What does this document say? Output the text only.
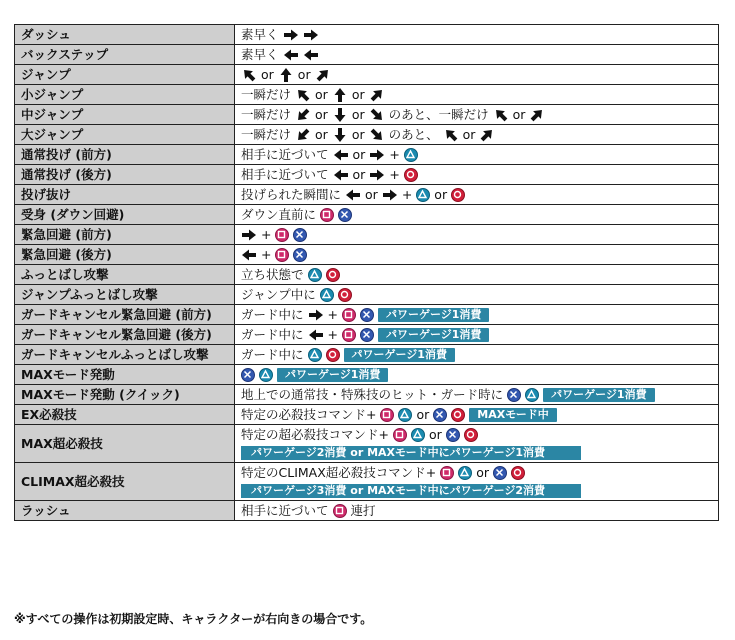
ダッシュ	素早く

バックステップ	素早く

ジャンプ	or or

小ジャンプ	一瞬だけ or or

中ジャンプ	一瞬だけ or or のあと、一瞬だけ or

大ジャンプ	一瞬だけ or or のあと、 or

通常投げ (前方)	相手に近づいて or +

通常投げ (後方)	相手に近づいて or +

投げ抜け	投げられた瞬間に or + or

受身 (ダウン回避)	ダウン直前に

緊急回避 (前方)	+

緊急回避 (後方)	+

ふっとばし攻撃	立ち状態で

ジャンプふっとばし攻撃	ジャンプ中に

ガードキャンセル緊急回避 (前方)	ガード中に + パワーゲージ1消費

ガードキャンセル緊急回避 (後方)	ガード中に + パワーゲージ1消費

ガードキャンセルふっとばし攻撃	ガード中に パワーゲージ1消費

MAXモード発動	パワーゲージ1消費

MAXモード発動 (クイック)	地上での通常技・特殊技のヒット・ガード時に パワーゲージ1消費

EX必殺技	特定の必殺技コマンド+ or MAXモード中

MAX超必殺技	特定の超必殺技コマンド+ or
パワーゲージ2消費 or MAXモード中にパワーゲージ1消費

CLIMAX超必殺技	特定のCLIMAX超必殺技コマンド+ or
パワーゲージ3消費 or MAXモード中にパワーゲージ2消費

ラッシュ	相手に近づいて 連打
※すべての操作は初期設定時、キャラクターが右向きの場合です。
